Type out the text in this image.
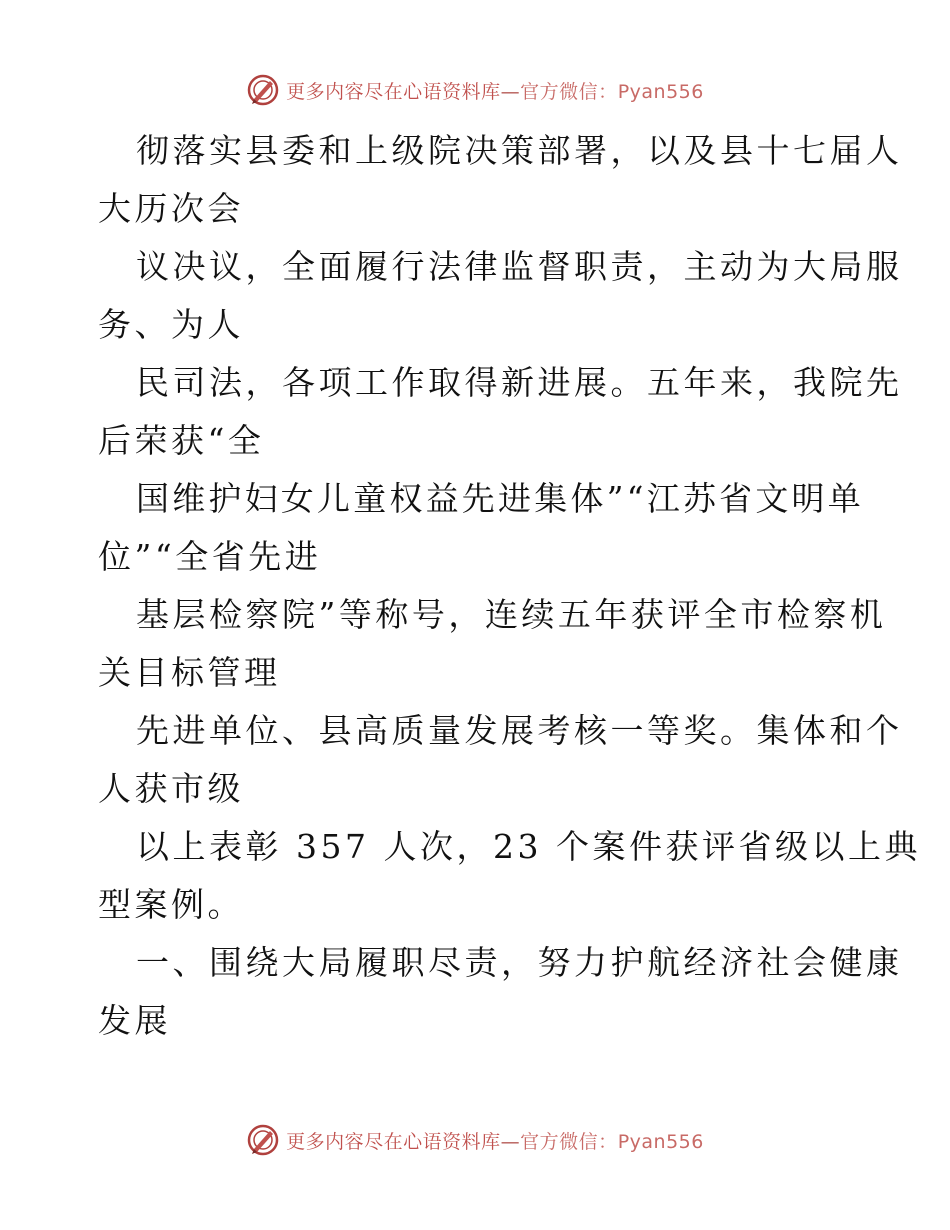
更多内容尽在心语资料库—官方微信：Pyan556
彻落实县委和上级院决策部署，以及县十七届人
大历次会
议决议，全面履行法律监督职责，主动为大局服
务、为人
民司法，各项工作取得新进展。五年来，我院先
后荣获“全
国维护妇女儿童权益先进集体”“江苏省文明单
位”“全省先进
基层检察院”等称号，连续五年获评全市检察机
关目标管理
先进单位、县高质量发展考核一等奖。集体和个
人获市级
以上表彰 357 人次，23 个案件获评省级以上典
型案例。
一、围绕大局履职尽责，努力护航经济社会健康
发展
更多内容尽在心语资料库—官方微信：Pyan556
